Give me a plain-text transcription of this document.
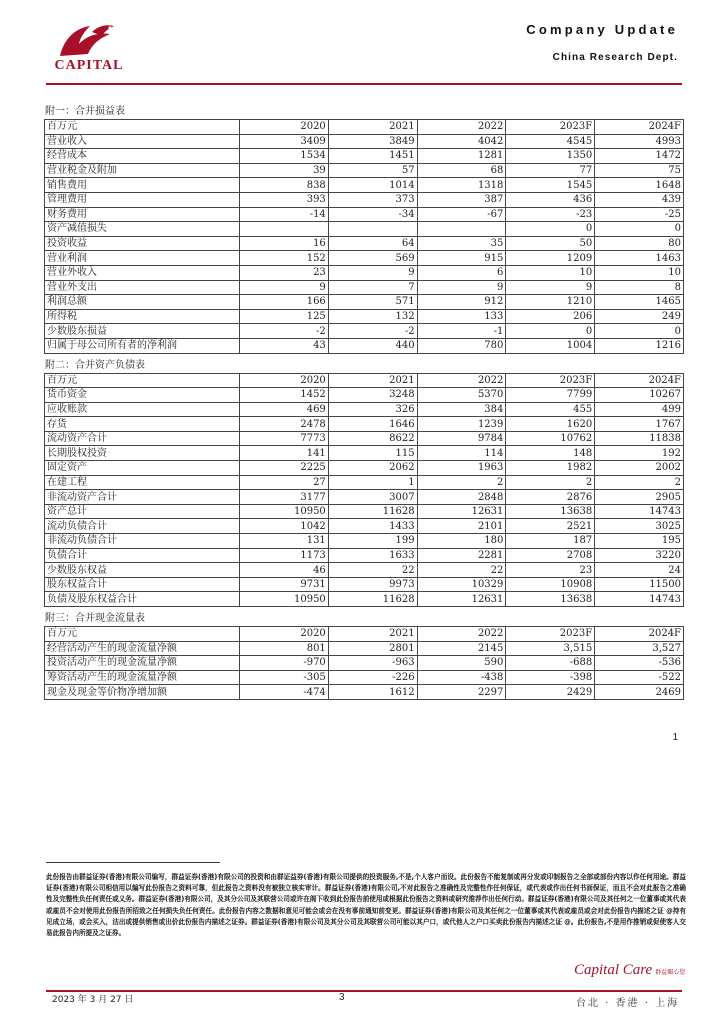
CAPITAL
Company Update
China Research Dept.
附一：合并损益表
百万元	2020	2021	2022	2023F	2024F
营业收入	3409	3849	4042	4545	4993
经营成本	1534	1451	1281	1350	1472
营业税金及附加	39	57	68	77	75
销售费用	838	1014	1318	1545	1648
管理费用	393	373	387	436	439
财务费用	-14	-34	-67	-23	-25
资产减值损失				0	0
投资收益	16	64	35	50	80
营业利润	152	569	915	1209	1463
营业外收入	23	9	6	10	10
营业外支出	9	7	9	9	8
利润总额	166	571	912	1210	1465
所得税	125	132	133	206	249
少数股东损益	-2	-2	-1	0	0
归属于母公司所有者的净利润	43	440	780	1004	1216
附二：合并资产负债表
百万元	2020	2021	2022	2023F	2024F
货币资金	1452	3248	5370	7799	10267
应收账款	469	326	384	455	499
存货	2478	1646	1239	1620	1767
流动资产合计	7773	8622	9784	10762	11838
长期股权投资	141	115	114	148	192
固定资产	2225	2062	1963	1982	2002
在建工程	27	1	2	2	2
非流动资产合计	3177	3007	2848	2876	2905
资产总计	10950	11628	12631	13638	14743
流动负债合计	1042	1433	2101	2521	3025
非流动负债合计	131	199	180	187	195
负债合计	1173	1633	2281	2708	3220
少数股东权益	46	22	22	23	24
股东权益合计	9731	9973	10329	10908	11500
负债及股东权益合计	10950	11628	12631	13638	14743
附三：合并现金流量表
百万元	2020	2021	2022	2023F	2024F
经营活动产生的现金流量净额	801	2801	2145	3,515	3,527
投资活动产生的现金流量净额	-970	-963	590	-688	-536
筹资活动产生的现金流量净额	-305	-226	-438	-398	-522
现金及现金等价物净增加额	-474	1612	2297	2429	2469
1
此份报告由群益证券(香港)有限公司编写，群益证券(香港)有限公司的投资和由群证益券(香港)有限公司提供的投资服务,不是,个人客户而设。此份报告不能复制或再分发或印制报告之全部或部份内容以作任何用途。群益证券(香港)有限公司相信用以编写此份报告之资料可靠，但此报告之资料没有被独立核实审计。群益证券(香港)有限公司,不对此报告之准确性及完整性作任何保证，或代表或作出任何书面保证，而且不会对此报告之准确性及完整性负任何责任或义务。群益证券(香港)有限公司，及其分公司及其联营公司或许在阁下收到此份报告前使用或根据此份报告之资料或研究推荐作出任何行动。群益证券(香港)有限公司及其任何之一位董事或其代表或雇员不会对使用此份报告所招致之任何损失负任何责任。此份报告内容之数据和意见可能会或会在没有事前通知前变更。群益证券(香港)有限公司及其任何之一位董事或其代表或雇员或会对此份报告内描述之证 @持有见成立场，或会买入，沽出或提供销售或出价此份报告内描述之证券。群益证券(香港)有限公司及其分公司及其联营公司可能以其户口，或代他人之户口买卖此份报告内描述之证 @。此份报告,不是用作推销或促使客人交易此报告内所提及之证券。
Capital Care 群益關心您
2023 年 3 月 27 日	3
台北 · 香港 · 上海
